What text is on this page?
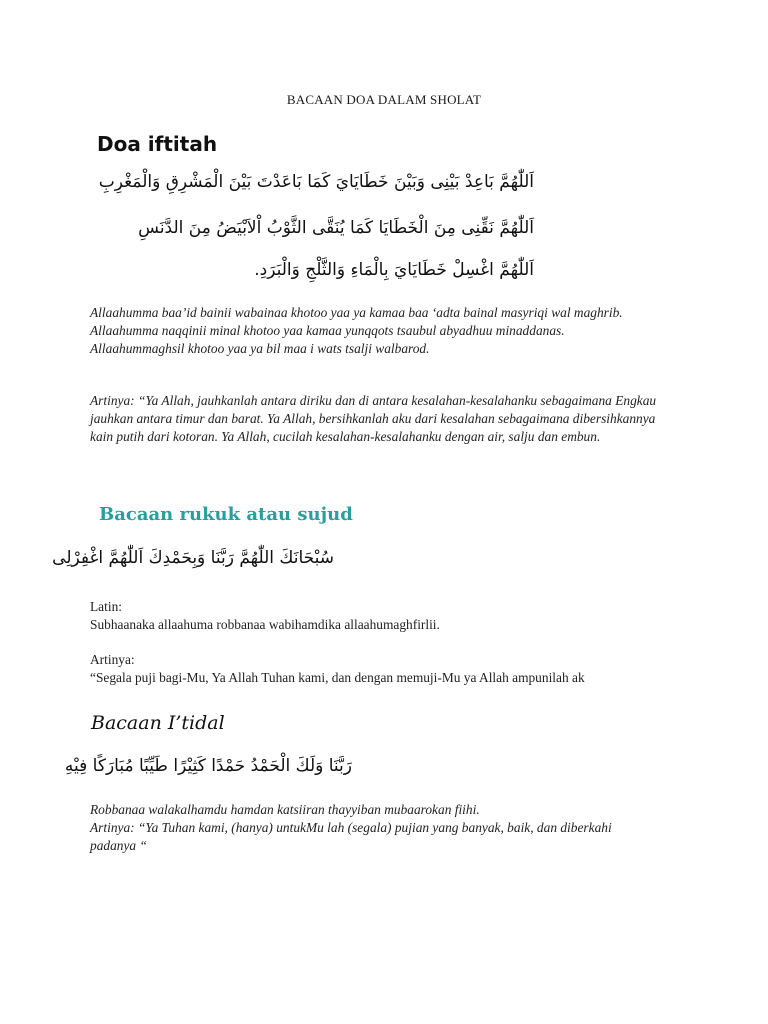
BACAAN DOA DALAM SHOLAT
Doa iftitah
اَللّٰهُمَّ بَاعِدْ بَيْنِى وَبَيْنَ خَطَايَايَ كَمَا بَاعَدْتَ بَيْنَ الْمَشْرِقِ وَالْمَغْرِبِ
اَللّٰهُمَّ نَقِّنِى مِنَ الْخَطَايَا كَمَا يُنَقَّى الثَّوْبُ اْلاَبْيَضُ مِنَ الدَّنَسِ
اَللّٰهُمَّ اغْسِلْ خَطَايَايَ بِالْمَاءِ وَالثَّلْجِ وَالْبَرَدِ.
Allaahumma baa’id bainii wabainaa khotoo yaa ya kamaa baa ‘adta bainal masyriqi wal maghrib.
Allaahumma naqqinii minal khotoo yaa kamaa yunqqots tsaubul abyadhuu minaddanas.
Allaahummaghsil khotoo yaa ya bil maa i wats tsalji walbarod.
Artinya: “Ya Allah, jauhkanlah antara diriku dan di antara kesalahan-kesalahanku sebagaimana Engkau jauhkan antara timur dan barat. Ya Allah, bersihkanlah aku dari kesalahan sebagaimana dibersihkannya kain putih dari kotoran. Ya Allah, cucilah kesalahan-kesalahanku dengan air, salju dan embun.
Bacaan rukuk atau sujud
سُبْحَانَكَ اللّٰهُمَّ رَبَّنَا وَبِحَمْدِكَ اَللّٰهُمَّ اغْفِرْلِى
Latin:
Subhaanaka allaahuma robbanaa wabihamdika allaahumaghfirlii.
Artinya:
“Segala puji bagi-Mu, Ya Allah Tuhan kami, dan dengan memuji-Mu ya Allah ampunilah ak
Bacaan I’tidal
رَبَّنَا وَلَكَ الْحَمْدُ حَمْدًا كَثِيْرًا طَيِّبًا مُبَارَكًا فِيْهِ
Robbanaa walakalhamdu hamdan katsiiran thayyiban mubaarokan fiihi.
Artinya: “Ya Tuhan kami, (hanya) untukMu lah (segala) pujian yang banyak, baik, dan diberkahi padanya “
